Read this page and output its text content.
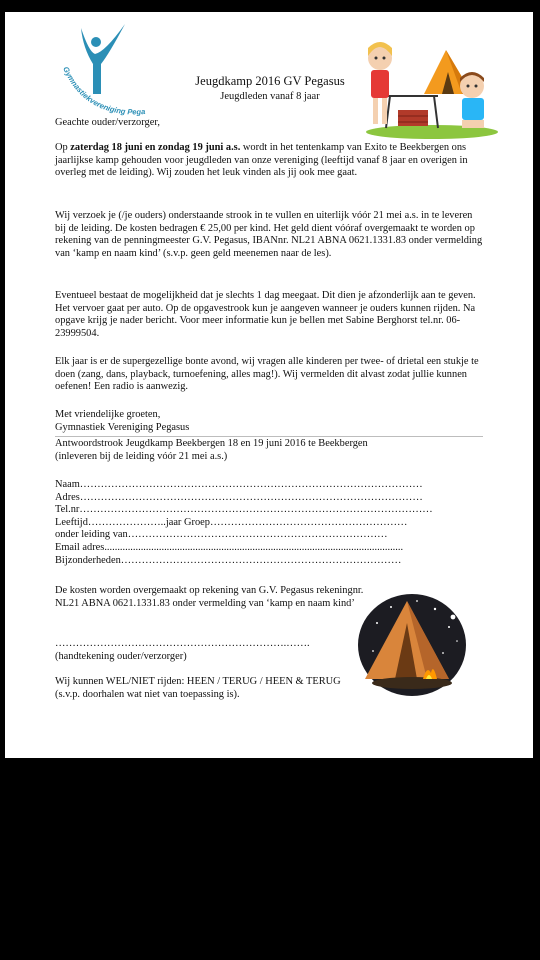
Gymnastiekvereniging Pega
Jeugdkamp 2016 GV Pegasus
Jeugdleden vanaf 8 jaar
Geachte ouder/verzorger,
Op zaterdag 18 juni en zondag 19 juni a.s. wordt in het tentenkamp van Exito te Beekbergen ons jaarlijkse kamp gehouden voor jeugdleden van onze vereniging (leeftijd vanaf 8 jaar en overigen in overleg met de leiding). Wij zouden het leuk vinden als jij ook mee gaat.
Wij verzoek je (/je ouders) onderstaande strook in te vullen en uiterlijk vóór 21 mei a.s. in te leveren bij de leiding. De kosten bedragen € 25,00 per kind. Het geld dient vóóraf overgemaakt te worden op rekening van de penningmeester G.V. Pegasus, IBANnr. NL21 ABNA 0621.1331.83 onder vermelding van ‘kamp en naam kind’ (s.v.p. geen geld meenemen naar de les).
Eventueel bestaat de mogelijkheid dat je slechts 1 dag meegaat. Dit dien je afzonderlijk aan te geven. Het vervoer gaat per auto. Op de opgavestrook kun je aangeven wanneer je ouders kunnen rijden. Na opgave krijg je nader bericht. Voor meer informatie kun je bellen met Sabine Berghorst tel.nr. 06-23999504.
Elk jaar is er de supergezellige bonte avond, wij vragen alle kinderen per twee- of drietal een stukje te doen (zang, dans, playback, turnoefening, alles mag!). Wij vermelden dit alvast zodat jullie kunnen oefenen! Een radio is aanwezig.
Met vriendelijke groeten,
Gymnastiek Vereniging Pegasus
Antwoordstrook Jeugdkamp Beekbergen 18 en 19 juni 2016 te Beekbergen
(inleveren bij de leiding vóór 21 mei a.s.)
Naam………………………………………………………………………………………
Adres………………………………………………………………………………………
Tel.nr…………………………………………………………………………………………
Leeftijd…………………..jaar Groep…………………………………………………
onder leiding van…………………………………………………………………
Email adres...................................................................................................................
Bijzonderheden………………………………………………………………………
De kosten worden overgemaakt op rekening van G.V. Pegasus rekeningnr.
NL21 ABNA 0621.1331.83 onder vermelding van ‘kamp en naam kind’
………………………………………………………….…….
(handtekening ouder/verzorger)
Wij kunnen WEL/NIET rijden: HEEN / TERUG / HEEN & TERUG
(s.v.p. doorhalen wat niet van toepassing is).
